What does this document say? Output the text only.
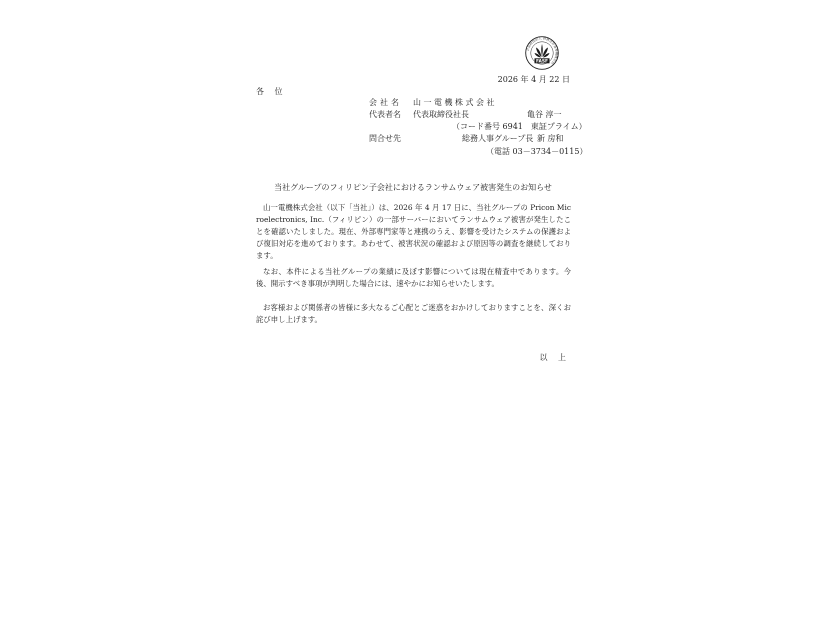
公益財団法人 財務会計基準機構会員
FASF
2026 年 4 月 22 日
各 位
会社名 山一電機株式会社
代表者名 代表取締役社長	亀谷 淳一
（コード番号 6941　東証プライム）
問合せ先	総務人事グループ長 新 房和
（電話 03－3734－0115）
当社グループのフィリピン子会社におけるランサムウェア被害発生のお知らせ

山一電機株式会社（以下「当社」）は、2026 年 4 月 17 日に、当社グループの Pricon Microelectronics, Inc.（フィリピン）の一部サーバーにおいてランサムウェア被害が発生したことを確認いたしました。現在、外部専門家等と連携のうえ、影響を受けたシステムの保護および復旧対応を進めております。あわせて、被害状況の確認および原因等の調査を継続しております。

なお、本件による当社グループの業績に及ぼす影響については現在精査中であります。今後、開示すべき事項が判明した場合には、速やかにお知らせいたします。

お客様および関係者の皆様に多大なるご心配とご迷惑をおかけしておりますことを、深くお詫び申し上げます。

以 上
